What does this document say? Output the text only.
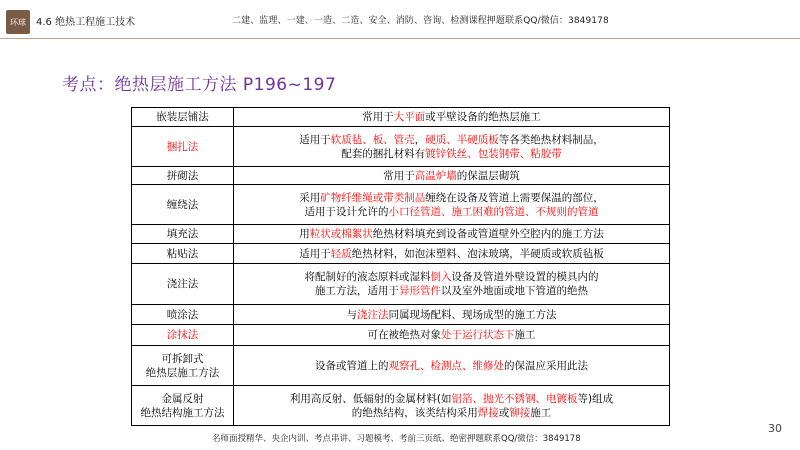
环球	4.6 绝热工程施工技术	二建、监理、一建、一造、二造、安全、消防、咨询、检测课程押题联系QQ/微信：3849178
考点：绝热层施工方法 P196~197
嵌装层铺法	常用于大平面或平壁设备的绝热层施工
捆扎法	适用于软质毡、板、管壳，硬质、半硬质板等各类绝热材料制品，
配套的捆扎材料有镀锌铁丝、包装钢带、粘胶带
拼砌法	常用于高温炉墙的保温层砌筑
缠绕法	采用矿物纤维绳或带类制品缠绕在设备及管道上需要保温的部位，
适用于设计允许的小口径管道、施工困难的管道、不规则的管道
填充法	用粒状或棉絮状绝热材料填充到设备或管道壁外空腔内的施工方法
粘贴法	适用于轻质绝热材料，如泡沫塑料、泡沫玻璃，半硬质或软质毡板
浇注法	将配制好的液态原料或湿料倒入设备及管道外壁设置的模具内的
施工方法，适用于异形管件以及室外地面或地下管道的绝热
喷涂法	与浇注法同属现场配料、现场成型的施工方法
涂抹法	可在被绝热对象处于运行状态下施工
可拆卸式
绝热层施工方法	设备或管道上的观察孔、检测点、维修处的保温应采用此法
金属反射
绝热结构施工方法	利用高反射、低辐射的金属材料(如铝箔、抛光不锈钢、电镀板等)组成
的绝热结构，该类结构采用焊接或铆接施工
名师面授精华、央企内训、考点串讲、习题模考、考前三页纸、绝密押题联系QQ/微信：3849178
30
